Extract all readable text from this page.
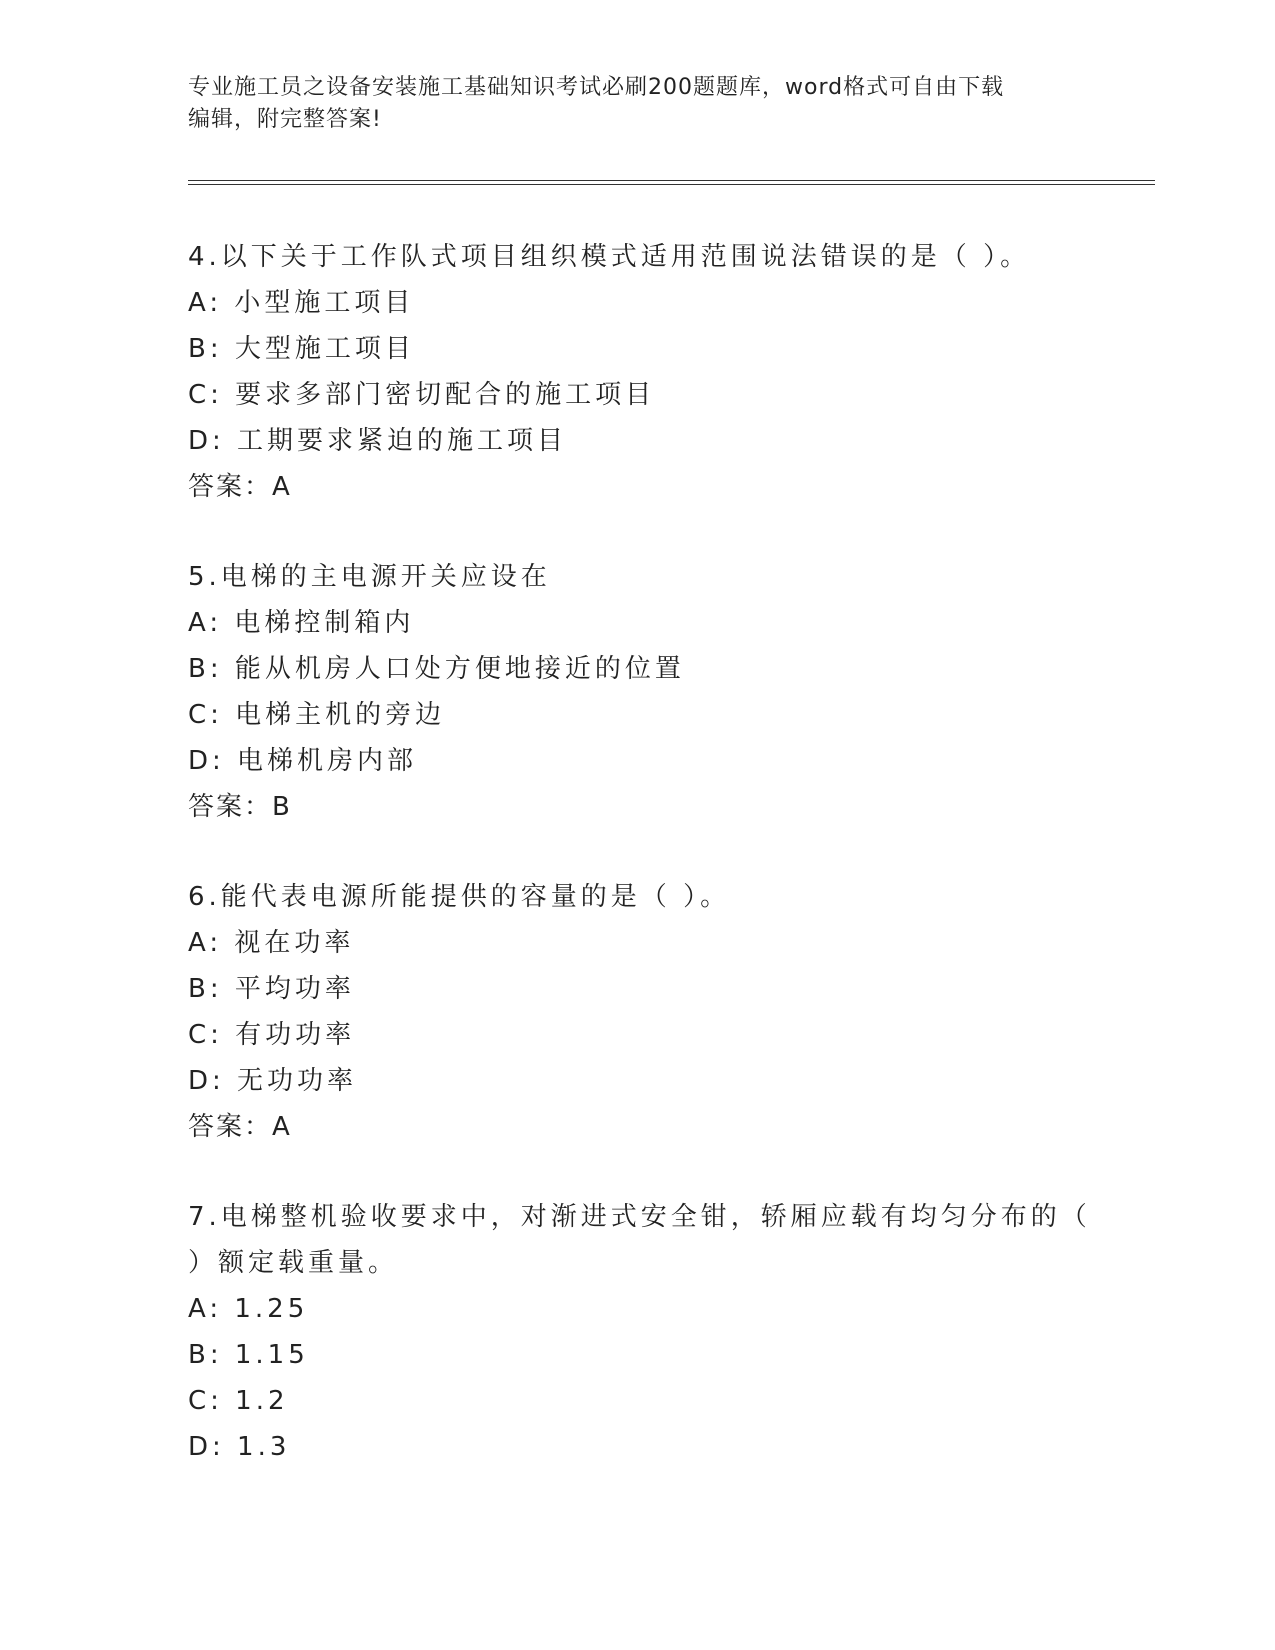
专业施工员之设备安装施工基础知识考试必刷200题题库，word格式可自由下载
编辑，附完整答案!
4.以下关于工作队式项目组织模式适用范围说法错误的是（ ）。
A: 小型施工项目
B: 大型施工项目
C: 要求多部门密切配合的施工项目
D: 工期要求紧迫的施工项目
答案：A
5.电梯的主电源开关应设在
A: 电梯控制箱内
B: 能从机房人口处方便地接近的位置
C: 电梯主机的旁边
D: 电梯机房内部
答案：B
6.能代表电源所能提供的容量的是（ ）。
A: 视在功率
B: 平均功率
C: 有功功率
D: 无功功率
答案：A
7.电梯整机验收要求中，对渐进式安全钳，轿厢应载有均匀分布的（
）额定载重量。
A: 1.25
B: 1.15
C: 1.2
D: 1.3
